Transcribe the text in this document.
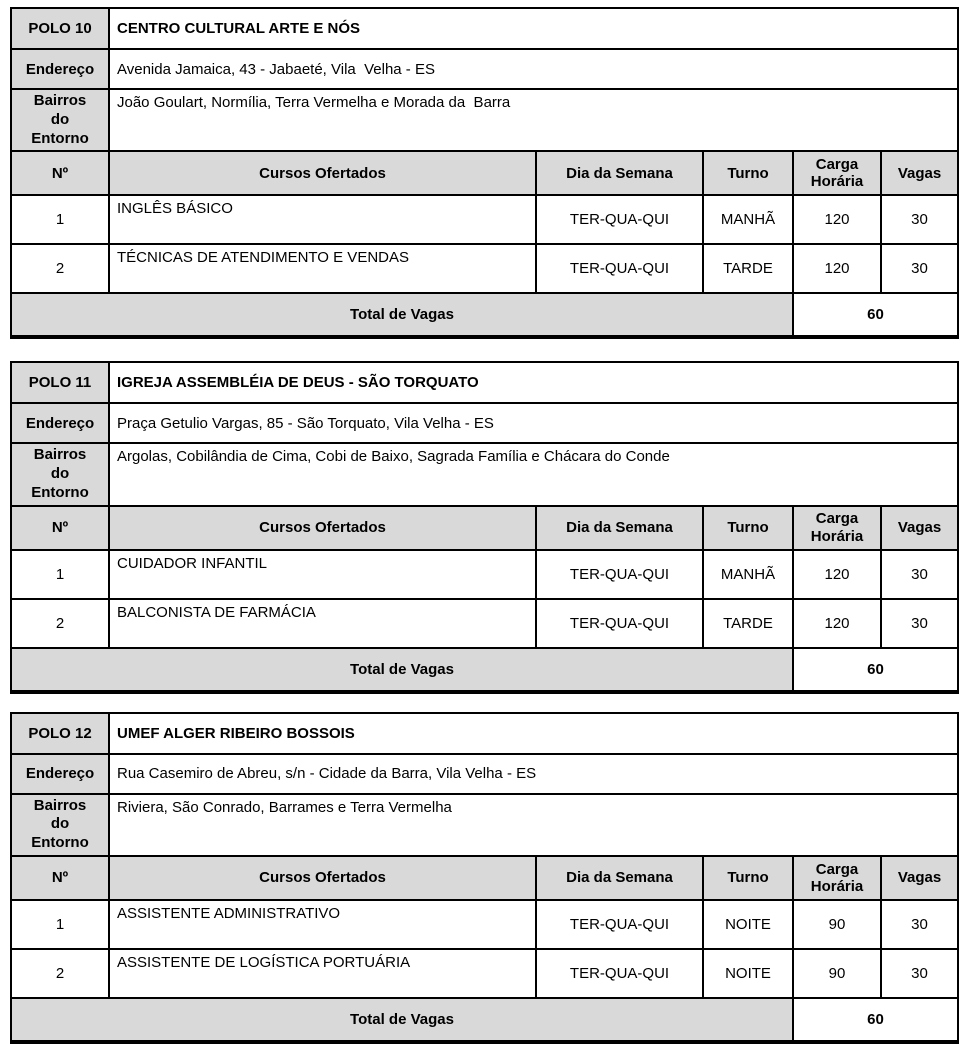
POLO 10	CENTRO CULTURAL ARTE E NÓS				
Endereço	Avenida Jamaica, 43 - Jabaeté, Vila  Velha - ES				
Bairros do Entorno	João Goulart, Normília, Terra Vermelha e Morada da  Barra				
Nº	Cursos Ofertados	Dia da Semana	Turno	Carga Horária	Vagas
1	INGLÊS BÁSICO	TER-QUA-QUI	MANHÃ	120	30
2	TÉCNICAS DE ATENDIMENTO E VENDAS	TER-QUA-QUI	TARDE	120	30
Total de Vagas				60	
POLO 11	IGREJA ASSEMBLÉIA DE DEUS - SÃO TORQUATO				
Endereço	Praça Getulio Vargas, 85 - São Torquato, Vila Velha - ES				
Bairros do Entorno	Argolas, Cobilândia de Cima, Cobi de Baixo, Sagrada Família e Chácara do Conde				
Nº	Cursos Ofertados	Dia da Semana	Turno	Carga Horária	Vagas
1	CUIDADOR INFANTIL	TER-QUA-QUI	MANHÃ	120	30
2	BALCONISTA DE FARMÁCIA	TER-QUA-QUI	TARDE	120	30
Total de Vagas				60	
POLO 12	UMEF ALGER RIBEIRO BOSSOIS				
Endereço	Rua Casemiro de Abreu, s/n - Cidade da Barra, Vila Velha - ES				
Bairros do Entorno	Riviera, São Conrado, Barrames e Terra Vermelha				
Nº	Cursos Ofertados	Dia da Semana	Turno	Carga Horária	Vagas
1	ASSISTENTE ADMINISTRATIVO	TER-QUA-QUI	NOITE	90	30
2	ASSISTENTE DE LOGÍSTICA PORTUÁRIA	TER-QUA-QUI	NOITE	90	30
Total de Vagas				60	
